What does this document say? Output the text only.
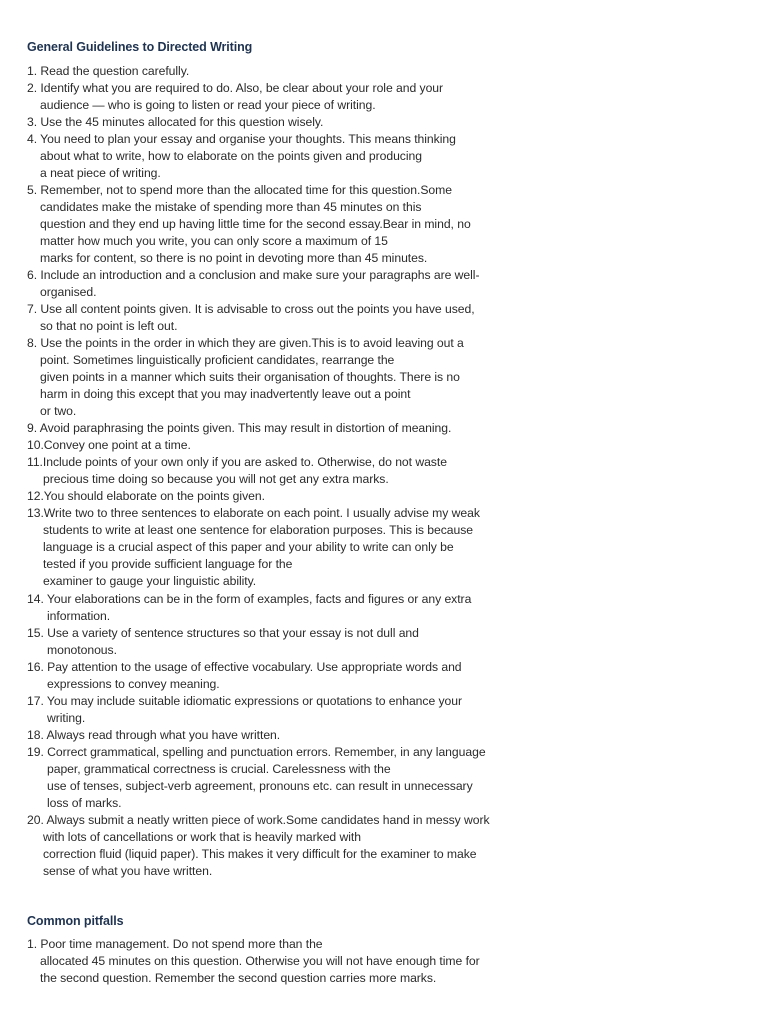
General Guidelines to Directed Writing
1. Read the question carefully.
2. Identify what you are required to do. Also, be clear about your role and your
audience — who is going to listen or read your piece of writing.
3. Use the 45 minutes allocated for this question wisely.
4. You need to plan your essay and organise your thoughts. This means thinking
about what to write, how to elaborate on the points given and producing
a neat piece of writing.
5. Remember, not to spend more than the allocated time for this question.Some
candidates make the mistake of spending more than 45 minutes on this
question and they end up having little time for the second essay.Bear in mind, no
matter how much you write, you can only score a maximum of 15
marks for content, so there is no point in devoting more than 45 minutes.
6. Include an introduction and a conclusion and make sure your paragraphs are well-
organised.
7. Use all content points given. It is advisable to cross out the points you have used,
so that no point is left out.
8. Use the points in the order in which they are given.This is to avoid leaving out a
point. Sometimes linguistically proficient candidates, rearrange the
given points in a manner which suits their organisation of thoughts. There is no
harm in doing this except that you may inadvertently leave out a point
or two.
9. Avoid paraphrasing the points given. This may result in distortion of meaning.
10.Convey one point at a time.
11.Include points of your own only if you are asked to. Otherwise, do not waste
precious time doing so because you will not get any extra marks.
12.You should elaborate on the points given.
13.Write two to three sentences to elaborate on each point. I usually advise my weak
students to write at least one sentence for elaboration purposes. This is because
language is a crucial aspect of this paper and your ability to write can only be
tested if you provide sufficient language for the
examiner to gauge your linguistic ability.
14. Your elaborations can be in the form of examples, facts and figures or any extra
information.
15. Use a variety of sentence structures so that your essay is not dull and
monotonous.
16. Pay attention to the usage of effective vocabulary. Use appropriate words and
expressions to convey meaning.
17. You may include suitable idiomatic expressions or quotations to enhance your
writing.
18. Always read through what you have written.
19. Correct grammatical, spelling and punctuation errors. Remember, in any language
paper, grammatical correctness is crucial. Carelessness with the
use of tenses, subject-verb agreement, pronouns etc. can result in unnecessary
loss of marks.
20. Always submit a neatly written piece of work.Some candidates hand in messy work
with lots of cancellations or work that is heavily marked with
correction fluid (liquid paper). This makes it very difficult for the examiner to make
sense of what you have written.
Common pitfalls
1. Poor time management. Do not spend more than the
allocated 45 minutes on this question. Otherwise you will not have enough time for
the second question. Remember the second question carries more marks.
